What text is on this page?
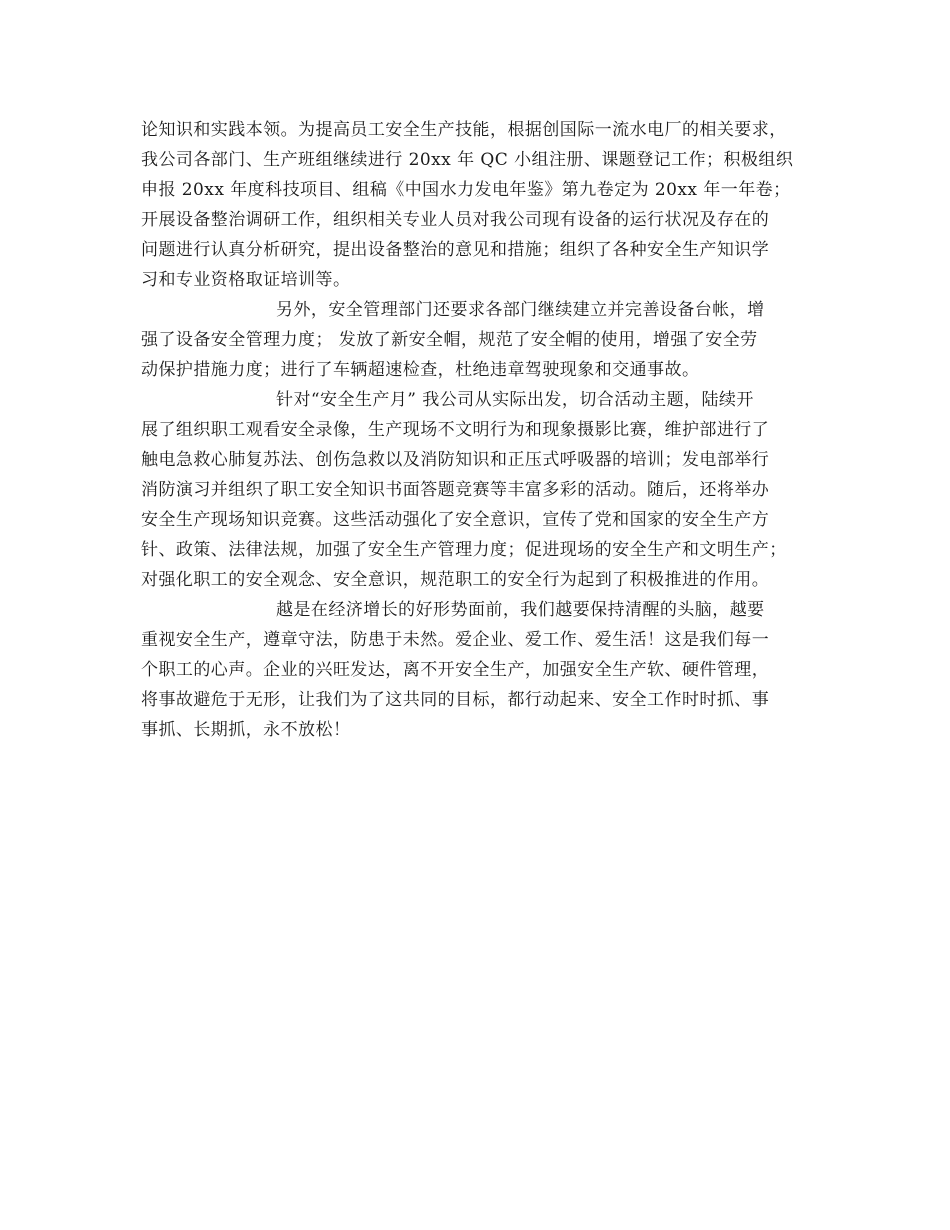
论知识和实践本领。为提高员工安全生产技能，根据创国际一流水电厂的相关要求，
我公司各部门、生产班组继续进行 20xx 年 QC 小组注册、课题登记工作；积极组织
申报 20xx 年度科技项目、组稿《中国水力发电年鉴》第九卷定为 20xx 年一年卷；
开展设备整治调研工作，组织相关专业人员对我公司现有设备的运行状况及存在的
问题进行认真分析研究，提出设备整治的意见和措施；组织了各种安全生产知识学
习和专业资格取证培训等。

另外，安全管理部门还要求各部门继续建立并完善设备台帐，增
强了设备安全管理力度； 发放了新安全帽，规范了安全帽的使用，增强了安全劳
动保护措施力度；进行了车辆超速检查，杜绝违章驾驶现象和交通事故。

针对“安全生产月” 我公司从实际出发，切合活动主题，陆续开
展了组织职工观看安全录像，生产现场不文明行为和现象摄影比赛，维护部进行了
触电急救心肺复苏法、创伤急救以及消防知识和正压式呼吸器的培训；发电部举行
消防演习并组织了职工安全知识书面答题竞赛等丰富多彩的活动。随后，还将举办
安全生产现场知识竞赛。这些活动强化了安全意识，宣传了党和国家的安全生产方
针、政策、法律法规，加强了安全生产管理力度；促进现场的安全生产和文明生产；
对强化职工的安全观念、安全意识，规范职工的安全行为起到了积极推进的作用。

越是在经济增长的好形势面前，我们越要保持清醒的头脑，越要
重视安全生产，遵章守法，防患于未然。爱企业、爱工作、爱生活！这是我们每一
个职工的心声。企业的兴旺发达，离不开安全生产，加强安全生产软、硬件管理，
将事故避危于无形，让我们为了这共同的目标，都行动起来、安全工作时时抓、事
事抓、长期抓，永不放松！
